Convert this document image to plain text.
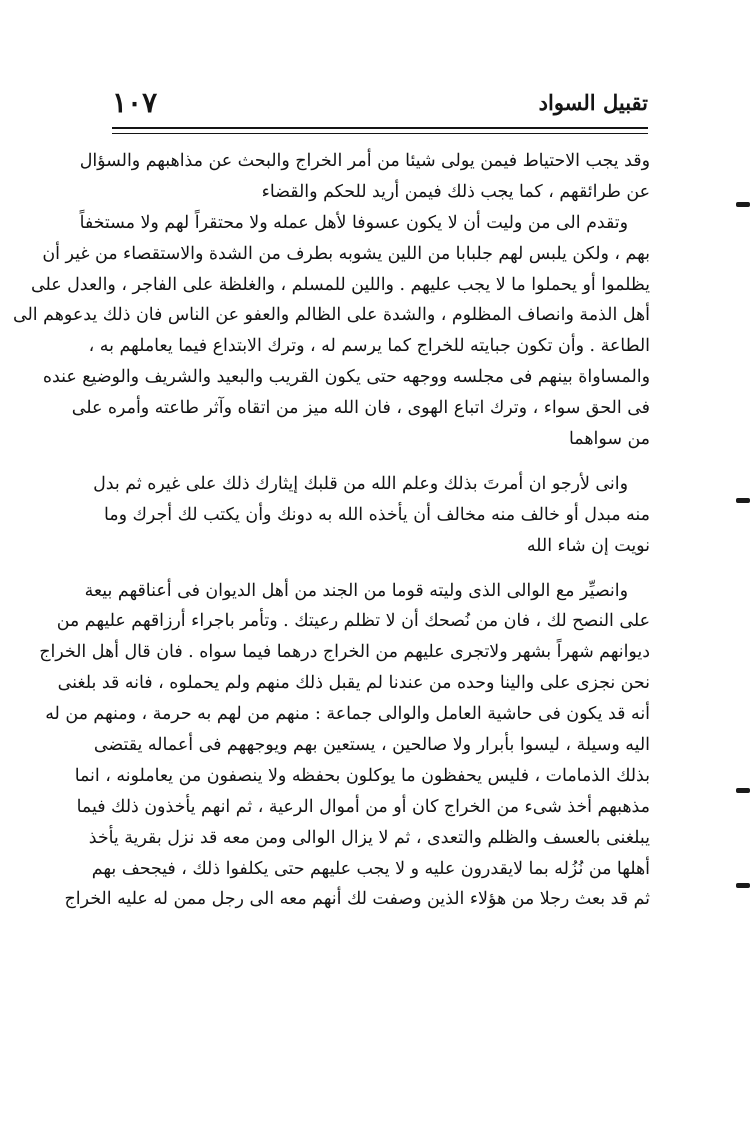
تقبيل السواد
١٠٧
وقد يجب الاحتياط فيمن يولى شيئا من أمر الخراج والبحث عن مذاهبهم والسؤال
عن طرائقهم ، كما يجب ذلك فيمن أريد للحكم والقضاء
وتقدم الى من وليت أن لا يكون عسوفا لأهل عمله ولا محتقراً لهم ولا مستخفاً
بهم ، ولكن يلبس لهم جلبابا من اللين يشوبه بطرف من الشدة والاستقصاء من غير أن
يظلموا أو يحملوا ما لا يجب عليهم . واللين للمسلم ، والغلظة على الفاجر ، والعدل على
أهل الذمة وانصاف المظلوم ، والشدة على الظالم والعفو عن الناس فان ذلك يدعوهم الى
الطاعة . وأن تكون جبايته للخراج كما يرسم له ، وترك الابتداع فيما يعاملهم به ،
والمساواة بينهم فى مجلسه ووجهه حتى يكون القريب والبعيد والشريف والوضيع عنده
فى الحق سواء ، وترك اتباع الهوى ، فان الله ميز من اتقاه وآثر طاعته وأمره على
من سواهما
وانى لأرجو ان أمرتَ بذلك وعلم الله من قلبك إيثارك ذلك على غيره ثم بدل
منه مبدل أو خالف منه مخالف أن يأخذه الله به دونك وأن يكتب لك أجرك وما
نويت إن شاء الله
وانصيِّر مع الوالى الذى وليته قوما من الجند من أهل الديوان فى أعناقهم بيعة
على النصح لك ، فان من نُصحك أن لا تظلم رعيتك . وتأمر باجراء أرزاقهم عليهم من
ديوانهم شهراً بشهر ولاتجرى عليهم من الخراج درهما فيما سواه . فان قال أهل الخراج
نحن نجزى على والينا وحده من عندنا لم يقبل ذلك منهم ولم يحملوه ، فانه قد بلغنى
أنه قد يكون فى حاشية العامل والوالى جماعة : منهم من لهم به حرمة ، ومنهم من له
اليه وسيلة ، ليسوا بأبرار ولا صالحين ، يستعين بهم ويوجههم فى أعماله يقتضى
بذلك الذمامات ، فليس يحفظون ما يوكلون بحفظه ولا ينصفون من يعاملونه ، انما
مذهبهم أخذ شىء من الخراج كان أو من أموال الرعية ، ثم انهم يأخذون ذلك فيما
يبلغنى بالعسف والظلم والتعدى ، ثم لا يزال الوالى ومن معه قد نزل بقرية يأخذ
أهلها من نُزُله بما لايقدرون عليه و لا يجب عليهم حتى يكلفوا ذلك ، فيجحف بهم
ثم قد بعث رجلا من هؤلاء الذين وصفت لك أنهم معه الى رجل ممن له عليه الخراج
